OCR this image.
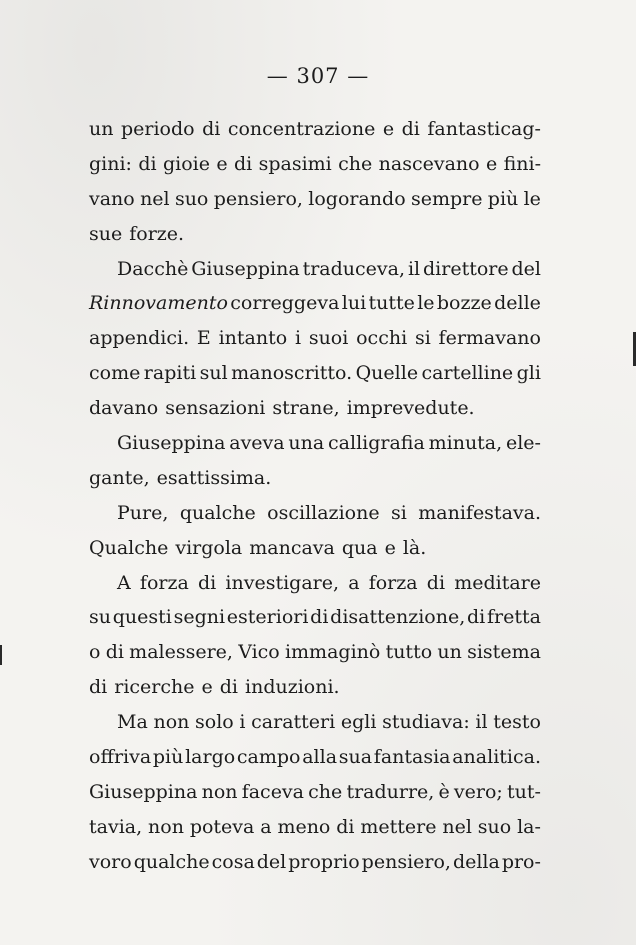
— 307 —
un periodo di concentrazione e di fantasticag-
gini: di gioie e di spasimi che nascevano e fini-
vano nel suo pensiero, logorando sempre più le
sue forze.
Dacchè Giuseppina traduceva, il direttore del
Rinnovamento correggeva lui tutte le bozze delle
appendici. E intanto i suoi occhi si fermavano
come rapiti sul manoscritto. Quelle cartelline gli
davano sensazioni strane, imprevedute.
Giuseppina aveva una calligrafia minuta, ele-
gante, esattissima.
Pure, qualche oscillazione si manifestava.
Qualche virgola mancava qua e là.
A forza di investigare, a forza di meditare
su questi segni esteriori di disattenzione, di fretta
o di malessere, Vico immaginò tutto un sistema
di ricerche e di induzioni.
Ma non solo i caratteri egli studiava: il testo
offriva più largo campo alla sua fantasia analitica.
Giuseppina non faceva che tradurre, è vero; tut-
tavia, non poteva a meno di mettere nel suo la-
voro qualche cosa del proprio pensiero, della pro-
